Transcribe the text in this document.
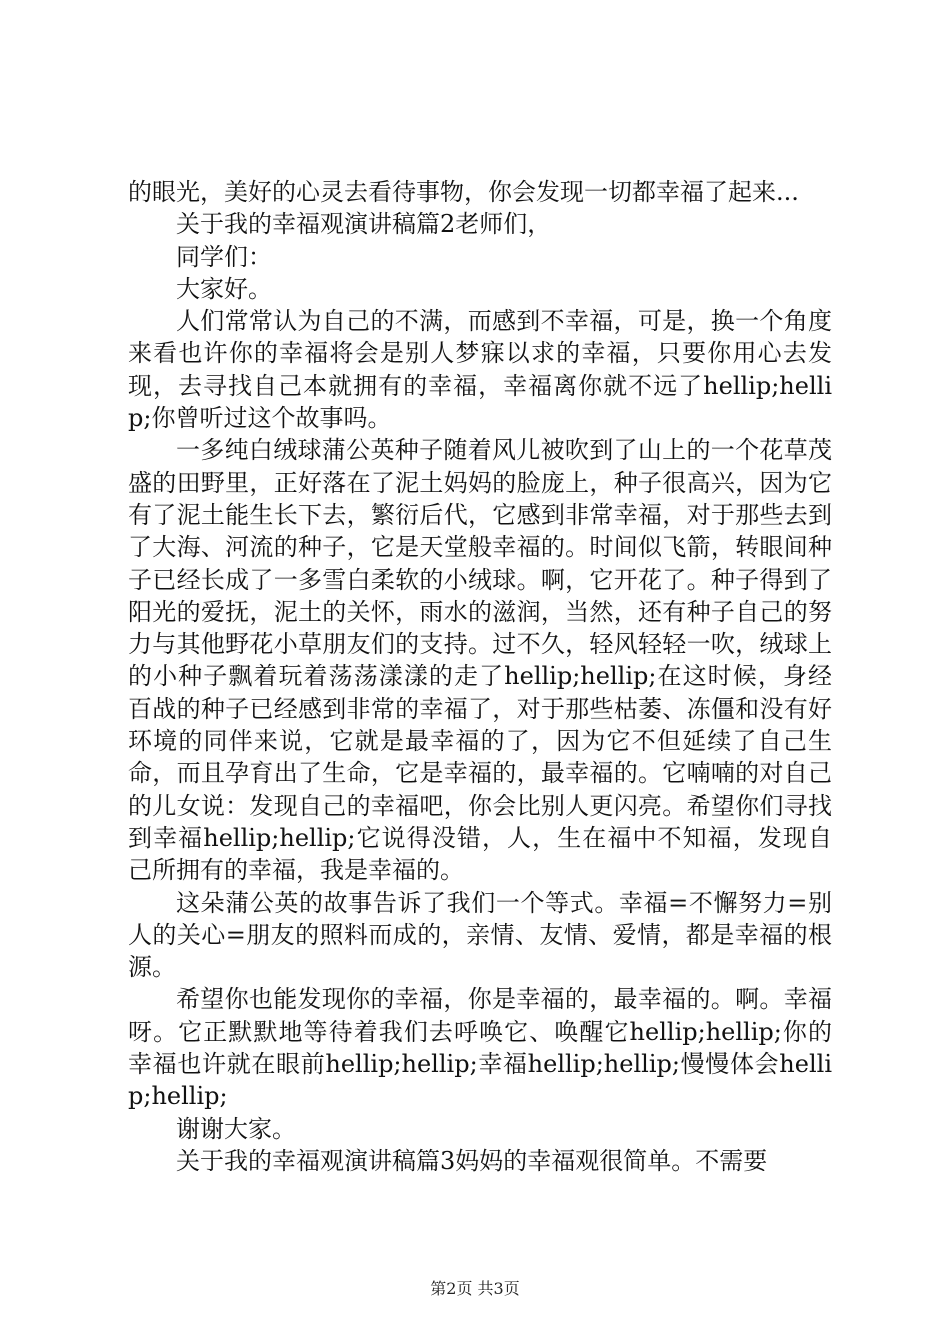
的眼光，美好的心灵去看待事物，你会发现一切都幸福了起来...

关于我的幸福观演讲稿篇2老师们，

同学们：

大家好。

人们常常认为自己的不满，而感到不幸福，可是，换一个角度来看也许你的幸福将会是别人梦寐以求的幸福，只要你用心去发现，去寻找自己本就拥有的幸福，幸福离你就不远了hellip;hellip;你曾听过这个故事吗。

一多纯白绒球蒲公英种子随着风儿被吹到了山上的一个花草茂盛的田野里，正好落在了泥土妈妈的脸庞上，种子很高兴，因为它有了泥土能生长下去，繁衍后代，它感到非常幸福，对于那些去到了大海、河流的种子，它是天堂般幸福的。时间似飞箭，转眼间种子已经长成了一多雪白柔软的小绒球。啊，它开花了。种子得到了阳光的爱抚，泥土的关怀，雨水的滋润，当然，还有种子自己的努力与其他野花小草朋友们的支持。过不久，轻风轻轻一吹，绒球上的小种子飘着玩着荡荡漾漾的走了hellip;hellip;在这时候，身经百战的种子已经感到非常的幸福了，对于那些枯萎、冻僵和没有好环境的同伴来说，它就是最幸福的了，因为它不但延续了自己生命，而且孕育出了生命，它是幸福的，最幸福的。它喃喃的对自己的儿女说：发现自己的幸福吧，你会比别人更闪亮。希望你们寻找到幸福hellip;hellip;它说得没错，人，生在福中不知福，发现自己所拥有的幸福，我是幸福的。

这朵蒲公英的故事告诉了我们一个等式。幸福=不懈努力=别人的关心=朋友的照料而成的，亲情、友情、爱情，都是幸福的根源。

希望你也能发现你的幸福，你是幸福的，最幸福的。啊。幸福呀。它正默默地等待着我们去呼唤它、唤醒它hellip;hellip;你的幸福也许就在眼前hellip;hellip;幸福hellip;hellip;慢慢体会hellip;hellip;

谢谢大家。

关于我的幸福观演讲稿篇3妈妈的幸福观很简单。不需要

第2页 共3页
